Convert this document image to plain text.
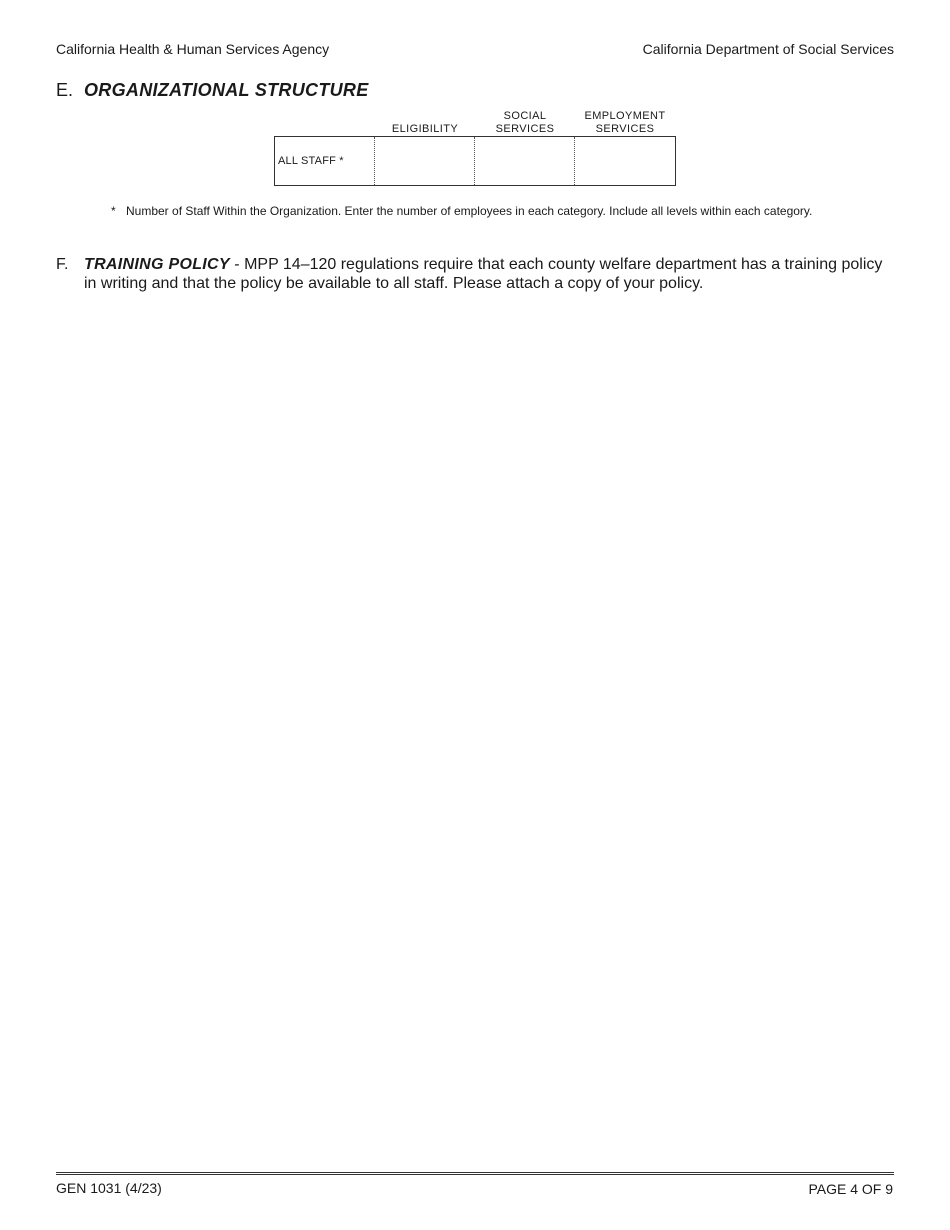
California Health & Human Services Agency	California Department of Social Services
E. ORGANIZATIONAL STRUCTURE

ELIGIBILITY
SOCIAL
SERVICES
EMPLOYMENT
SERVICES
ALL STAFF *
* Number of Staff Within the Organization. Enter the number of employees in each category. Include all levels within each category.
F. TRAINING POLICY - MPP 14–120 regulations require that each county welfare department has a training policy in writing and that the policy be available to all staff. Please attach a copy of your policy.
GEN 1031 (4/23)	PAGE 4 OF 9
